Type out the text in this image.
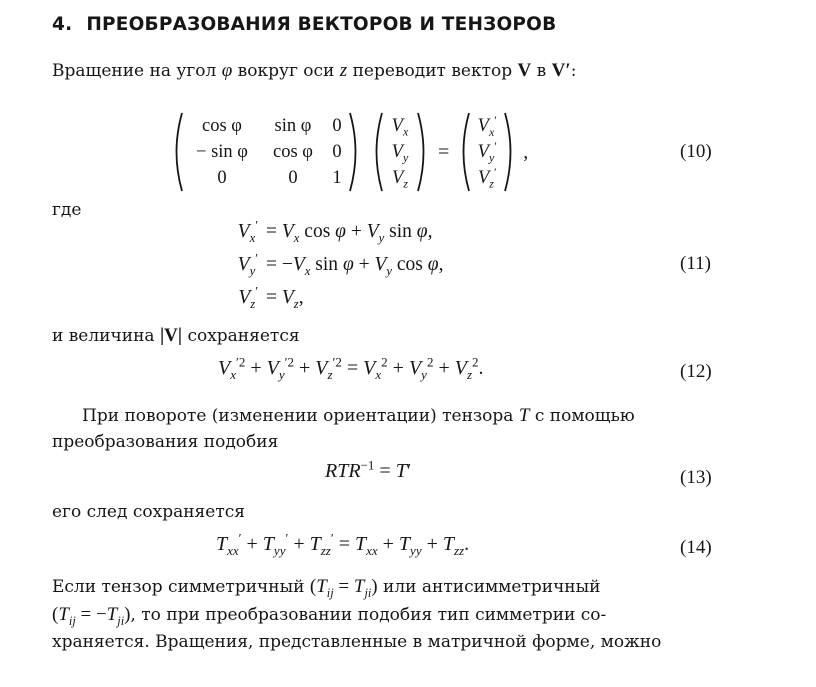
4. ПРЕОБРАЗОВАНИЯ ВЕКТОРОВ И ТЕНЗОРОВ
Вращение на угол φ вокруг оси z переводит вектор V в V′:
cos φ	sin φ	0
− sin φ	cos φ	0
0	0	1
$V_x$
$V_y$
$V_z$
=
$V_x'$
$V_y'$
$V_z'$
,	(10)
где
$V_x' = V_x$ $\cos \varphi + V_y$ sin φ,
$V_y' = -V_x$ $\sin \varphi + V_y$ cos φ,
$V_z' = V_z$,
(11)
и величина |V| сохраняется
$V_x^{'2} + V_y^{'2} + V_z^{'2} = V_x^2 + V_y^2 + V_z^2$.	(12)
При повороте (изменении ориентации) тензора T с помощью
преобразования подобия
$RTR^{-1} = T'$	(13)
его след сохраняется
$T_{xx}' + T_{yy}' + T_{zz}' = T_{xx} + T_{yy} + T_{zz}$.	(14)
Если тензор симметричный $(T_{ij} = T_{ji})$ или антисимметричный
$(T_{ij} = -T_{ji})$, то при преобразовании подобия тип симметрии со-
храняется. Вращения, представленные в матричной форме, можно
